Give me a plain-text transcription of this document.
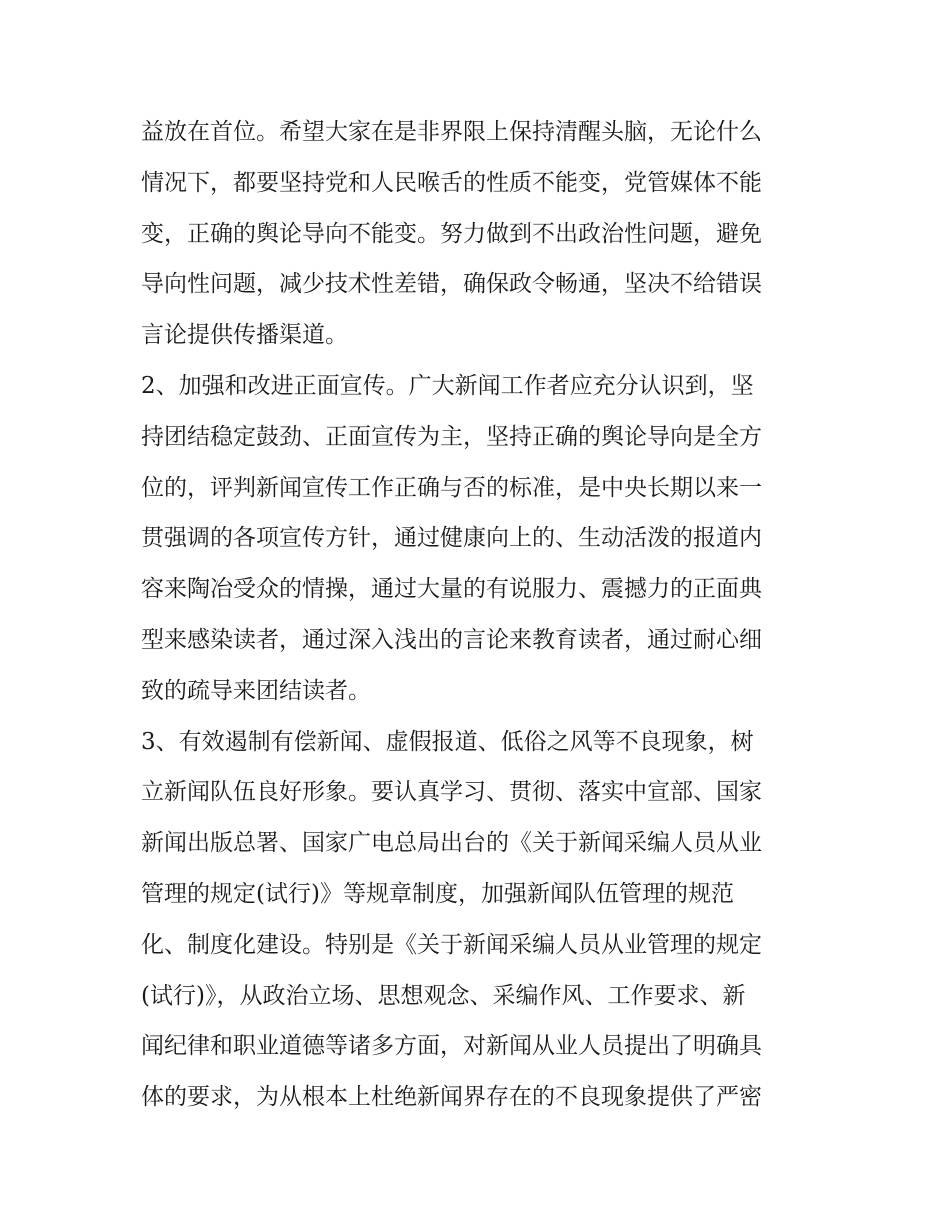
益放在首位。希望大家在是非界限上保持清醒头脑，无论什么
情况下，都要坚持党和人民喉舌的性质不能变，党管媒体不能
变，正确的舆论导向不能变。努力做到不出政治性问题，避免
导向性问题，减少技术性差错，确保政令畅通，坚决不给错误
言论提供传播渠道。
2、加强和改进正面宣传。广大新闻工作者应充分认识到，坚
持团结稳定鼓劲、正面宣传为主，坚持正确的舆论导向是全方
位的，评判新闻宣传工作正确与否的标准，是中央长期以来一
贯强调的各项宣传方针，通过健康向上的、生动活泼的报道内
容来陶冶受众的情操，通过大量的有说服力、震撼力的正面典
型来感染读者，通过深入浅出的言论来教育读者，通过耐心细
致的疏导来团结读者。
3、有效遏制有偿新闻、虚假报道、低俗之风等不良现象，树
立新闻队伍良好形象。要认真学习、贯彻、落实中宣部、国家
新闻出版总署、国家广电总局出台的《关于新闻采编人员从业
管理的规定(试行)》等规章制度，加强新闻队伍管理的规范
化、制度化建设。特别是《关于新闻采编人员从业管理的规定
(试行)》，从政治立场、思想观念、采编作风、工作要求、新
闻纪律和职业道德等诸多方面，对新闻从业人员提出了明确具
体的要求，为从根本上杜绝新闻界存在的不良现象提供了严密
